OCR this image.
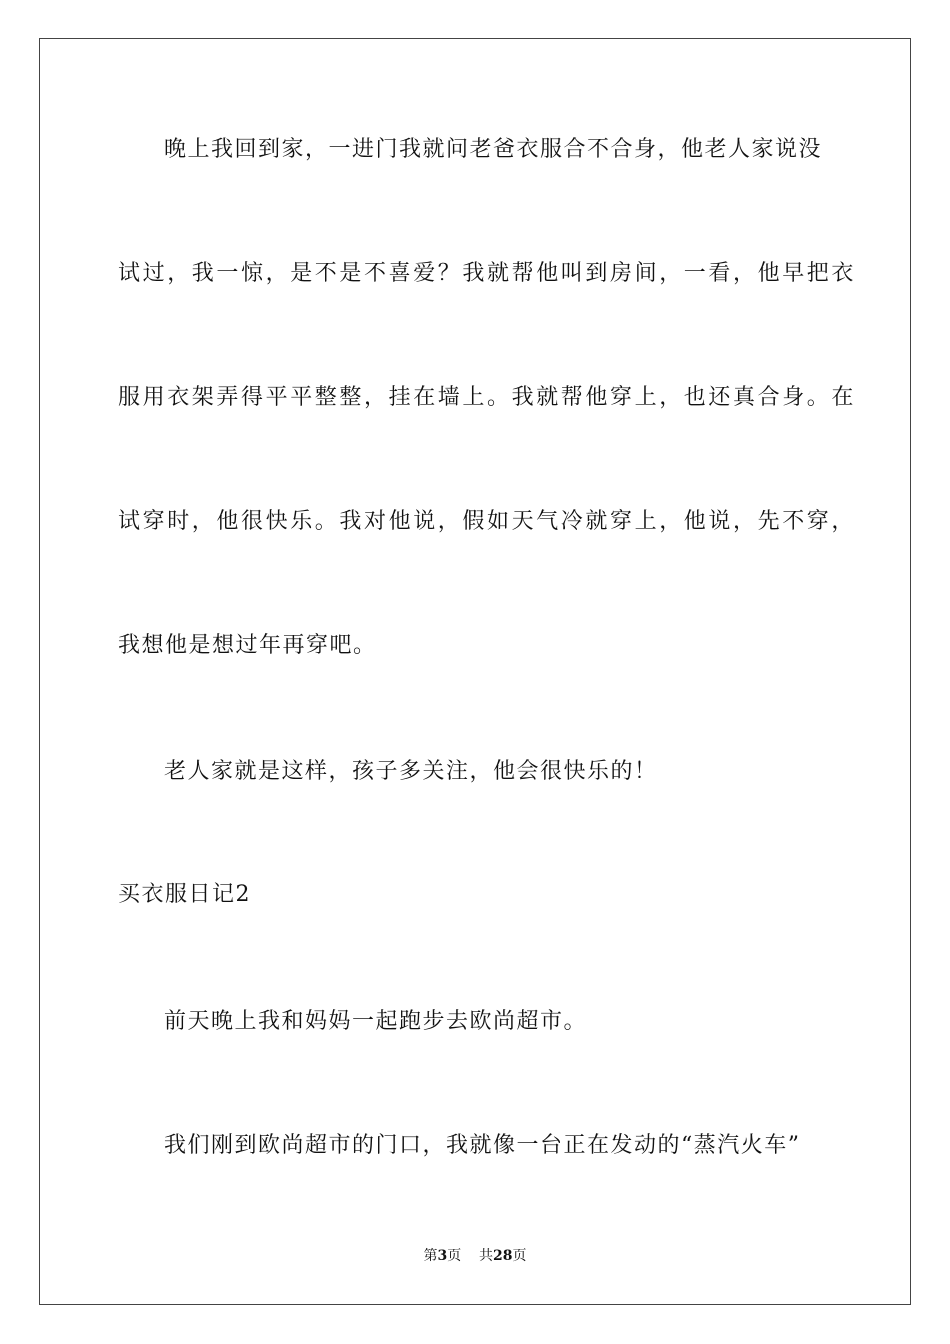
晚上我回到家，一进门我就问老爸衣服合不合身，他老人家说没
试过，我一惊，是不是不喜爱？我就帮他叫到房间，一看，他早把衣
服用衣架弄得平平整整，挂在墙上。我就帮他穿上，也还真合身。在
试穿时，他很快乐。我对他说，假如天气冷就穿上，他说，先不穿，
我想他是想过年再穿吧。
老人家就是这样，孩子多关注，他会很快乐的！
买衣服日记2
前天晚上我和妈妈一起跑步去欧尚超市。
我们刚到欧尚超市的门口，我就像一台正在发动的“蒸汽火车”
第3页 共28页
